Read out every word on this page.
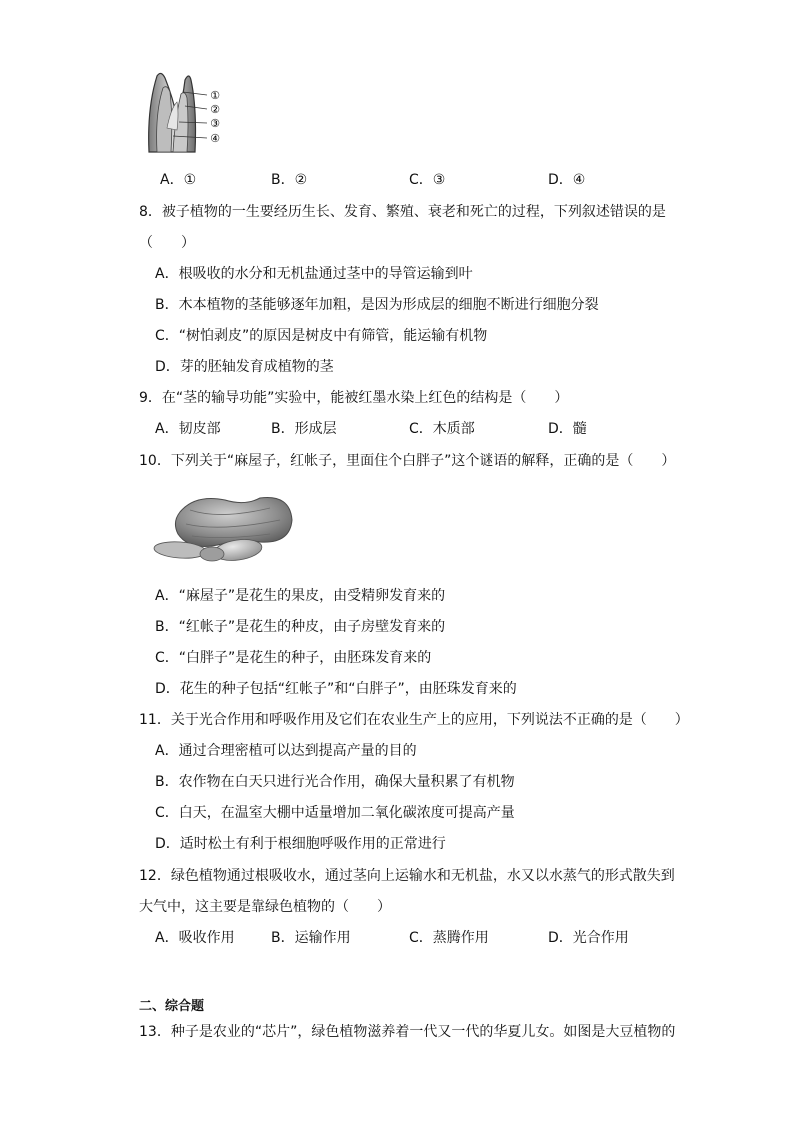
①
②
③
④
A．①	B．②	C．③	D．④
8．被子植物的一生要经历生长、发育、繁殖、衰老和死亡的过程，下列叙述错误的是
（　　）
A．根吸收的水分和无机盐通过茎中的导管运输到叶
B．木本植物的茎能够逐年加粗，是因为形成层的细胞不断进行细胞分裂
C．“树怕剥皮”的原因是树皮中有筛管，能运输有机物
D．芽的胚轴发育成植物的茎
9．在“茎的输导功能”实验中，能被红墨水染上红色的结构是（　　）
A．韧皮部	B．形成层	C．木质部	D．髓
10．下列关于“麻屋子，红帐子，里面住个白胖子”这个谜语的解释，正确的是（　　）
A．“麻屋子”是花生的果皮，由受精卵发育来的
B．“红帐子”是花生的种皮，由子房壁发育来的
C．“白胖子”是花生的种子，由胚珠发育来的
D．花生的种子包括“红帐子”和“白胖子”，由胚珠发育来的
11．关于光合作用和呼吸作用及它们在农业生产上的应用，下列说法不正确的是（　　）
A．通过合理密植可以达到提高产量的目的
B．农作物在白天只进行光合作用，确保大量积累了有机物
C．白天，在温室大棚中适量增加二氧化碳浓度可提高产量
D．适时松土有利于根细胞呼吸作用的正常进行
12．绿色植物通过根吸收水，通过茎向上运输水和无机盐，水又以水蒸气的形式散失到
大气中，这主要是靠绿色植物的（　　）
A．吸收作用	B．运输作用	C．蒸腾作用	D．光合作用
二、综合题
13．种子是农业的“芯片”，绿色植物滋养着一代又一代的华夏儿女。如图是大豆植物的
